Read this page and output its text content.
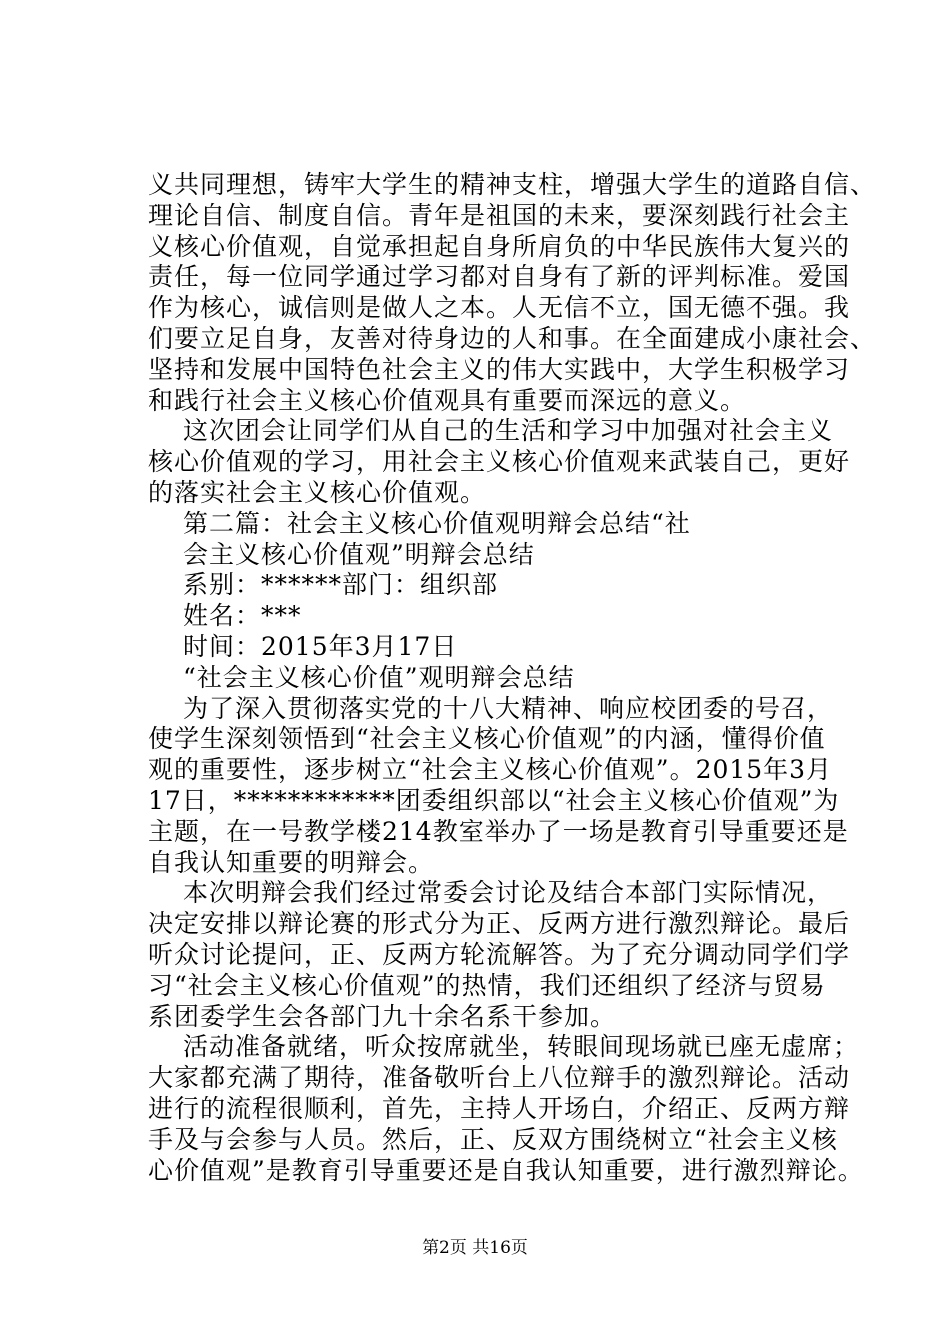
义共同理想，铸牢大学生的精神支柱，增强大学生的道路自信、
理论自信、制度自信。青年是祖国的未来，要深刻践行社会主
义核心价值观，自觉承担起自身所肩负的中华民族伟大复兴的
责任，每一位同学通过学习都对自身有了新的评判标准。爱国
作为核心，诚信则是做人之本。人无信不立，国无德不强。我
们要立足自身，友善对待身边的人和事。在全面建成小康社会、
坚持和发展中国特色社会主义的伟大实践中，大学生积极学习
和践行社会主义核心价值观具有重要而深远的意义。
这次团会让同学们从自己的生活和学习中加强对社会主义
核心价值观的学习，用社会主义核心价值观来武装自己，更好
的落实社会主义核心价值观。
第二篇：社会主义核心价值观明辩会总结“社
会主义核心价值观”明辩会总结
系别：******部门：组织部
姓名：***
时间：2015年3月17日
“社会主义核心价值”观明辩会总结
为了深入贯彻落实党的十八大精神、响应校团委的号召，
使学生深刻领悟到“社会主义核心价值观”的内涵，懂得价值
观的重要性，逐步树立“社会主义核心价值观”。2015年3月
17日，************团委组织部以“社会主义核心价值观”为
主题，在一号教学楼214教室举办了一场是教育引导重要还是
自我认知重要的明辩会。
本次明辩会我们经过常委会讨论及结合本部门实际情况，
决定安排以辩论赛的形式分为正、反两方进行激烈辩论。最后
听众讨论提问，正、反两方轮流解答。为了充分调动同学们学
习“社会主义核心价值观”的热情，我们还组织了经济与贸易
系团委学生会各部门九十余名系干参加。
活动准备就绪，听众按席就坐，转眼间现场就已座无虚席；
大家都充满了期待，准备敬听台上八位辩手的激烈辩论。活动
进行的流程很顺利，首先，主持人开场白，介绍正、反两方辩
手及与会参与人员。然后，正、反双方围绕树立“社会主义核
心价值观”是教育引导重要还是自我认知重要，进行激烈辩论。
第2页 共16页
